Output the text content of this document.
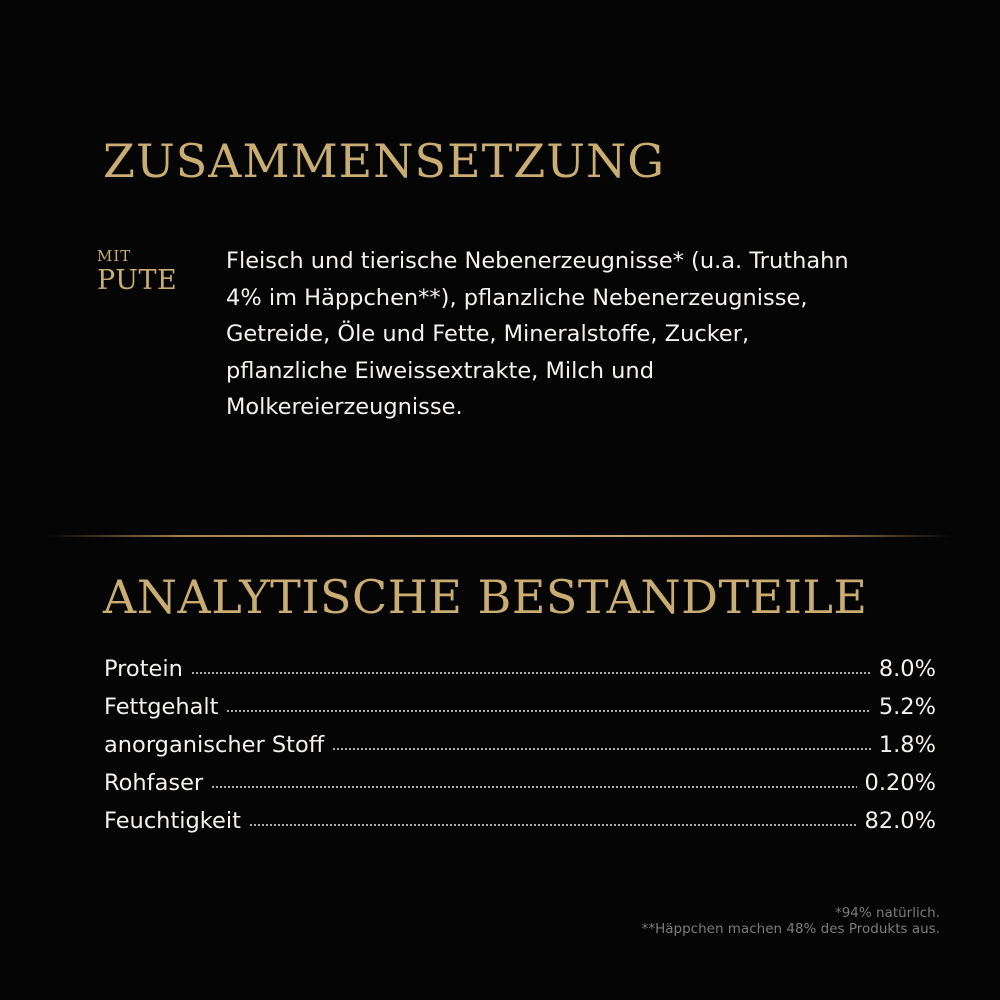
ZUSAMMENSETZUNG
MIT
PUTE

Fleisch und tierische Nebenerzeugnisse* (u.a. Truthahn
4% im Häppchen**), pflanzliche Nebenerzeugnisse,
Getreide, Öle und Fette, Mineralstoffe, Zucker,
pflanzliche Eiweissextrakte, Milch und
Molkereierzeugnisse.

ANALYTISCHE BESTANDTEILE
Protein	8.0%
Fettgehalt	5.2%
anorganischer Stoff	1.8%
Rohfaser	0.20%
Feuchtigkeit	82.0%
*94% natürlich.
**Häppchen machen 48% des Produkts aus.
